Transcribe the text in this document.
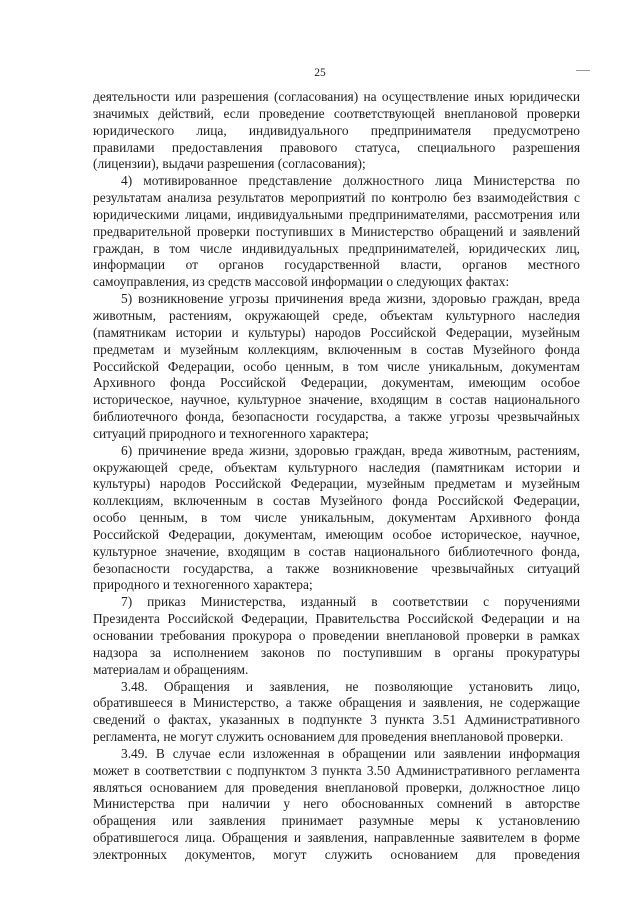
25

деятельности или разрешения (согласования) на осуществление иных юридически

значимых действий, если проведение соответствующей внеплановой проверки

юридического лица, индивидуального предпринимателя предусмотрено

правилами предоставления правового статуса, специального разрешения

(лицензии), выдачи разрешения (согласования);

4) мотивированное представление должностного лица Министерства по

результатам анализа результатов мероприятий по контролю без взаимодействия с

юридическими лицами, индивидуальными предпринимателями, рассмотрения или

предварительной проверки поступивших в Министерство обращений и заявлений

граждан, в том числе индивидуальных предпринимателей, юридических лиц,

информации от органов государственной власти, органов местного

самоуправления, из средств массовой информации о следующих фактах:

5) возникновение угрозы причинения вреда жизни, здоровью граждан, вреда

животным, растениям, окружающей среде, объектам культурного наследия

(памятникам истории и культуры) народов Российской Федерации, музейным

предметам и музейным коллекциям, включенным в состав Музейного фонда

Российской Федерации, особо ценным, в том числе уникальным, документам

Архивного фонда Российской Федерации, документам, имеющим особое

историческое, научное, культурное значение, входящим в состав национального

библиотечного фонда, безопасности государства, а также угрозы чрезвычайных

ситуаций природного и техногенного характера;

6) причинение вреда жизни, здоровью граждан, вреда животным, растениям,

окружающей среде, объектам культурного наследия (памятникам истории и

культуры) народов Российской Федерации, музейным предметам и музейным

коллекциям, включенным в состав Музейного фонда Российской Федерации,

особо ценным, в том числе уникальным, документам Архивного фонда

Российской Федерации, документам, имеющим особое историческое, научное,

культурное значение, входящим в состав национального библиотечного фонда,

безопасности государства, а также возникновение чрезвычайных ситуаций

природного и техногенного характера;

7) приказ Министерства, изданный в соответствии с поручениями

Президента Российской Федерации, Правительства Российской Федерации и на

основании требования прокурора о проведении внеплановой проверки в рамках

надзора за исполнением законов по поступившим в органы прокуратуры

материалам и обращениям.

3.48. Обращения и заявления, не позволяющие установить лицо,

обратившееся в Министерство, а также обращения и заявления, не содержащие

сведений о фактах, указанных в подпункте 3 пункта 3.51 Административного

регламента, не могут служить основанием для проведения внеплановой проверки.

3.49. В случае если изложенная в обращении или заявлении информация

может в соответствии с подпунктом 3 пункта 3.50 Административного регламента

являться основанием для проведения внеплановой проверки, должностное лицо

Министерства при наличии у него обоснованных сомнений в авторстве

обращения или заявления принимает разумные меры к установлению

обратившегося лица. Обращения и заявления, направленные заявителем в форме

электронных документов, могут служить основанием для проведения
